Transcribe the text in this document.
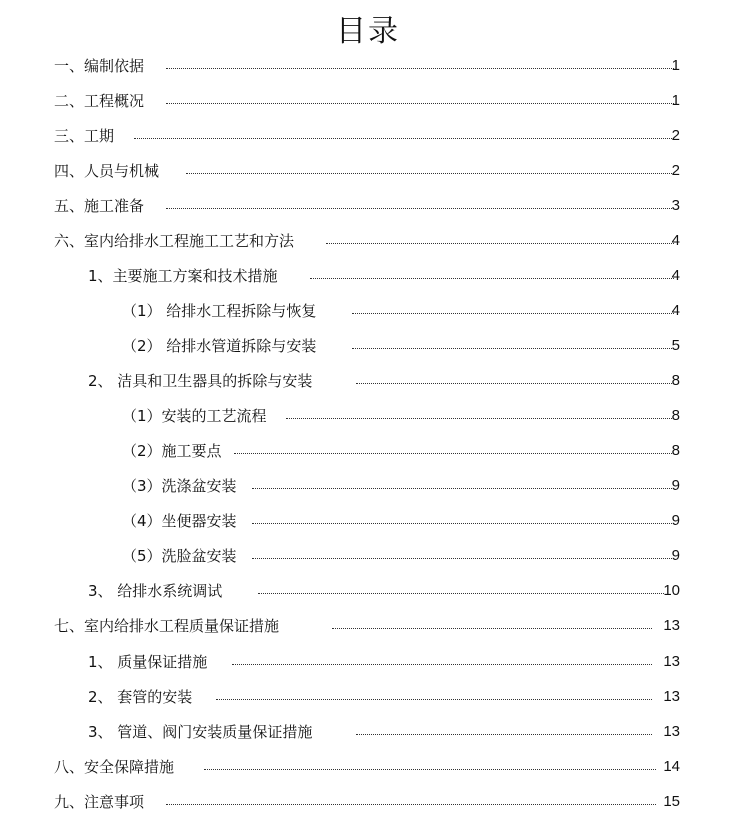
目录
一、编制依据	1
二、工程概况	1
三、工期	2
四、人员与机械	2
五、施工准备	3
六、室内给排水工程施工工艺和方法	4
1、主要施工方案和技术措施	4
（1） 给排水工程拆除与恢复	4
（2） 给排水管道拆除与安装	5
2、 洁具和卫生器具的拆除与安装	8
（1）安装的工艺流程	8
（2）施工要点	8
（3）洗涤盆安装	9
（4）坐便器安装	9
（5）洗脸盆安装	9
3、 给排水系统调试	10
七、室内给排水工程质量保证措施	13
1、 质量保证措施	13
2、 套管的安装	13
3、 管道、阀门安装质量保证措施	13
八、安全保障措施	14
九、注意事项	15
